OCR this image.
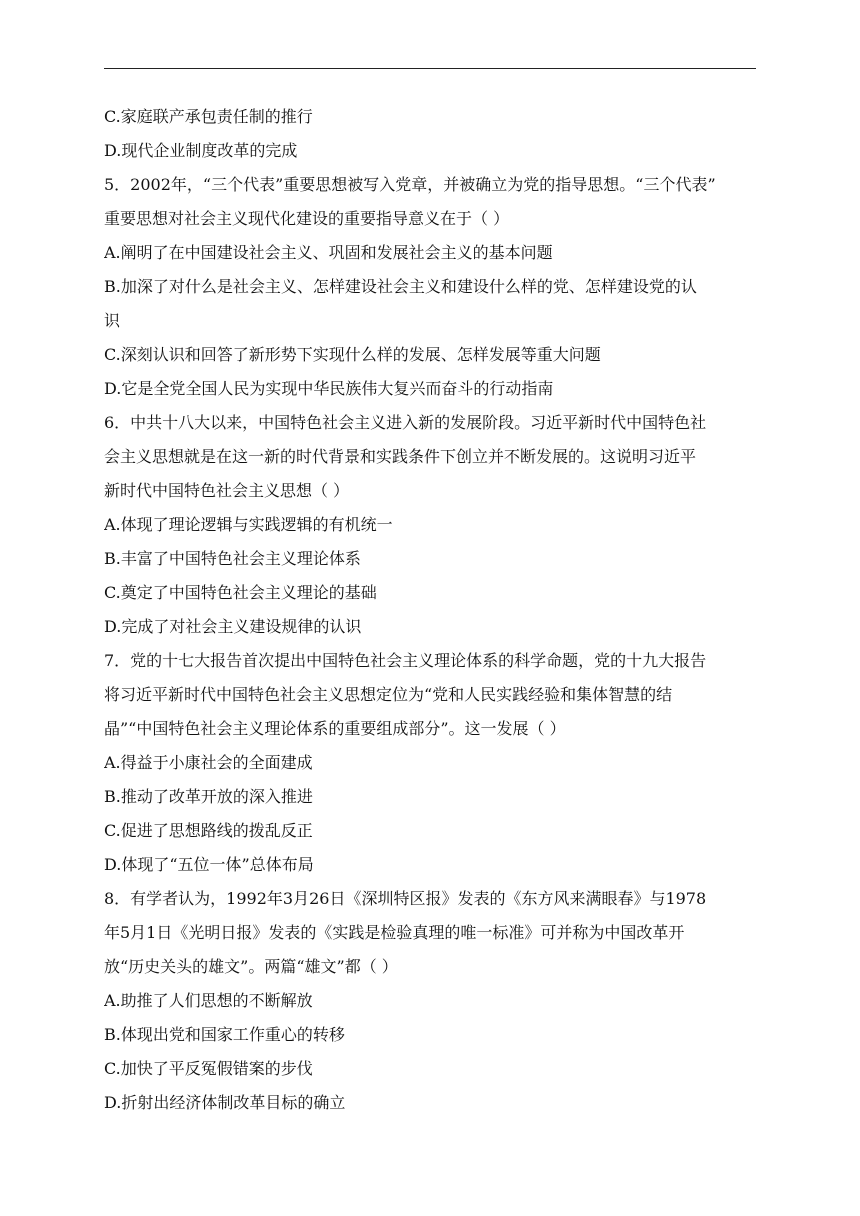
C.家庭联产承包责任制的推行
D.现代企业制度改革的完成
5．2002年，“三个代表”重要思想被写入党章，并被确立为党的指导思想。“三个代表”
重要思想对社会主义现代化建设的重要指导意义在于（ ）
A.阐明了在中国建设社会主义、巩固和发展社会主义的基本问题
B.加深了对什么是社会主义、怎样建设社会主义和建设什么样的党、怎样建设党的认
识
C.深刻认识和回答了新形势下实现什么样的发展、怎样发展等重大问题
D.它是全党全国人民为实现中华民族伟大复兴而奋斗的行动指南
6．中共十八大以来，中国特色社会主义进入新的发展阶段。习近平新时代中国特色社
会主义思想就是在这一新的时代背景和实践条件下创立并不断发展的。这说明习近平
新时代中国特色社会主义思想（ ）
A.体现了理论逻辑与实践逻辑的有机统一
B.丰富了中国特色社会主义理论体系
C.奠定了中国特色社会主义理论的基础
D.完成了对社会主义建设规律的认识
7．党的十七大报告首次提出中国特色社会主义理论体系的科学命题，党的十九大报告
将习近平新时代中国特色社会主义思想定位为“党和人民实践经验和集体智慧的结
晶”“中国特色社会主义理论体系的重要组成部分”。这一发展（ ）
A.得益于小康社会的全面建成
B.推动了改革开放的深入推进
C.促进了思想路线的拨乱反正
D.体现了“五位一体”总体布局
8．有学者认为，1992年3月26日《深圳特区报》发表的《东方风来满眼春》与1978
年5月1日《光明日报》发表的《实践是检验真理的唯一标准》可并称为中国改革开
放“历史关头的雄文”。两篇“雄文”都（ ）
A.助推了人们思想的不断解放
B.体现出党和国家工作重心的转移
C.加快了平反冤假错案的步伐
D.折射出经济体制改革目标的确立
